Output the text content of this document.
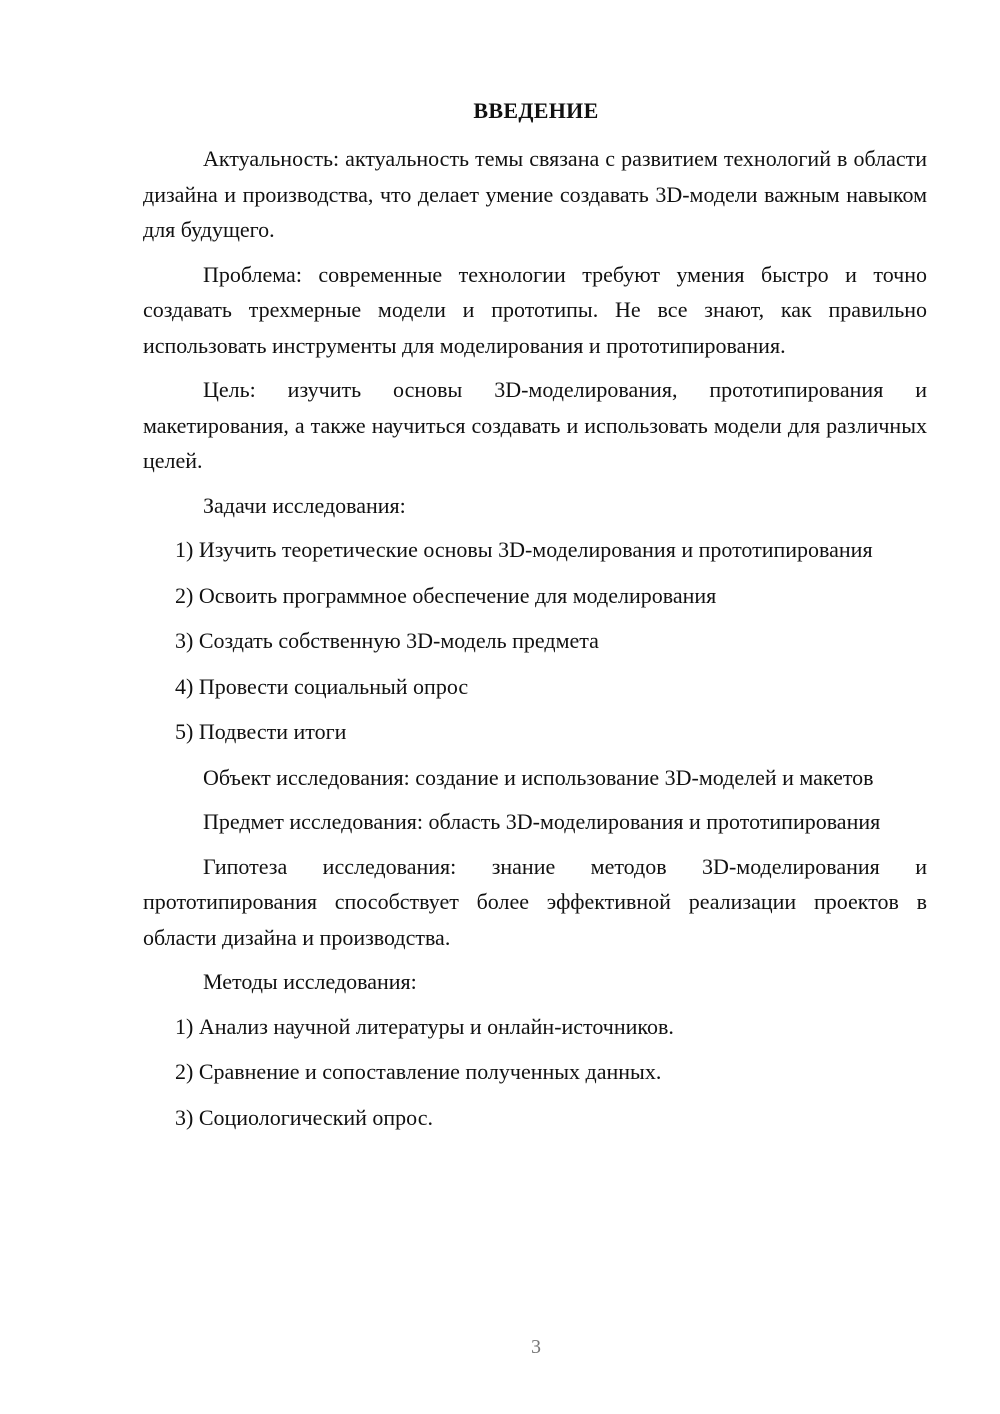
ВВЕДЕНИЕ

Актуальность: актуальность темы связана с развитием технологий в области дизайна и производства, что делает умение создавать 3D-модели важным навыком для будущего.

Проблема: современные технологии требуют умения быстро и точно создавать трехмерные модели и прототипы. Не все знают, как правильно использовать инструменты для моделирования и прототипирования.

Цель: изучить основы 3D-моделирования, прототипирования и макетирования, а также научиться создавать и использовать модели для различных целей.

Задачи исследования:

1) Изучить теоретические основы 3D-моделирования и прототипирования

2) Освоить программное обеспечение для моделирования

3) Создать собственную 3D-модель предмета

4) Провести социальный опрос

5) Подвести итоги

Объект исследования: создание и использование 3D-моделей и макетов

Предмет исследования: область 3D-моделирования и прототипирования

Гипотеза исследования: знание методов 3D-моделирования и прототипирования способствует более эффективной реализации проектов в области дизайна и производства.

Методы исследования:

1) Анализ научной литературы и онлайн-источников.

2) Сравнение и сопоставление полученных данных.

3) Социологический опрос.

3
